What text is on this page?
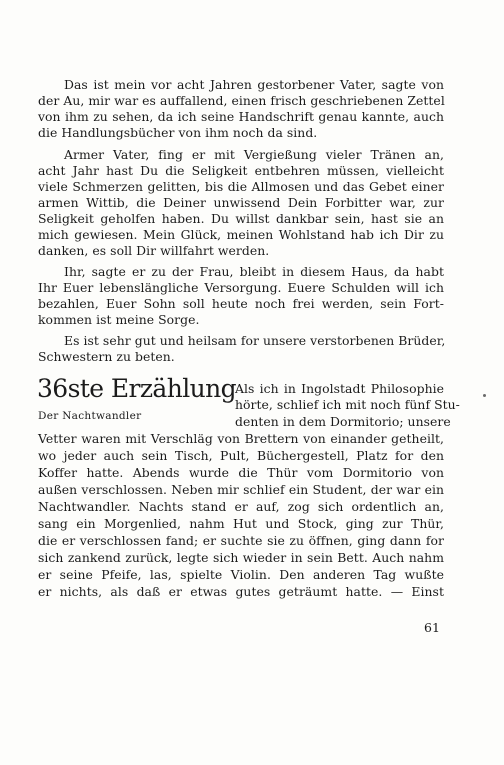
Das ist mein vor acht Jahren gestorbener Vater, sagte von
der Au, mir war es auffallend, einen frisch geschriebenen Zettel
von ihm zu sehen, da ich seine Handschrift genau kannte, auch
die Handlungsbücher von ihm noch da sind.
Armer Vater, fing er mit Vergießung vieler Tränen an,
acht Jahr hast Du die Seligkeit entbehren müssen, vielleicht
viele Schmerzen gelitten, bis die Allmosen und das Gebet einer
armen Wittib, die Deiner unwissend Dein Forbitter war, zur
Seligkeit geholfen haben. Du willst dankbar sein, hast sie an
mich gewiesen. Mein Glück, meinen Wohlstand hab ich Dir zu
danken, es soll Dir willfahrt werden.
Ihr, sagte er zu der Frau, bleibt in diesem Haus, da habt
Ihr Euer lebenslängliche Versorgung. Euere Schulden will ich
bezahlen, Euer Sohn soll heute noch frei werden, sein Fort-
kommen ist meine Sorge.
Es ist sehr gut und heilsam for unsere verstorbenen Brüder,
Schwestern zu beten.
36ste Erzählung
Der Nachtwandler
Als ich in Ingolstadt Philosophie
hörte, schlief ich mit noch fünf Stu-
denten in dem Dormitorio; unsere
Vetter waren mit Verschläg von Brettern von einander getheilt,
wo jeder auch sein Tisch, Pult, Büchergestell, Platz for den
Koffer hatte. Abends wurde die Thür vom Dormitorio von
außen verschlossen. Neben mir schlief ein Student, der war ein
Nachtwandler. Nachts stand er auf, zog sich ordentlich an,
sang ein Morgenlied, nahm Hut und Stock, ging zur Thür,
die er verschlossen fand; er suchte sie zu öffnen, ging dann for
sich zankend zurück, legte sich wieder in sein Bett. Auch nahm
er seine Pfeife, las, spielte Violin. Den anderen Tag wußte
er nichts, als daß er etwas gutes geträumt hatte. — Einst
61
